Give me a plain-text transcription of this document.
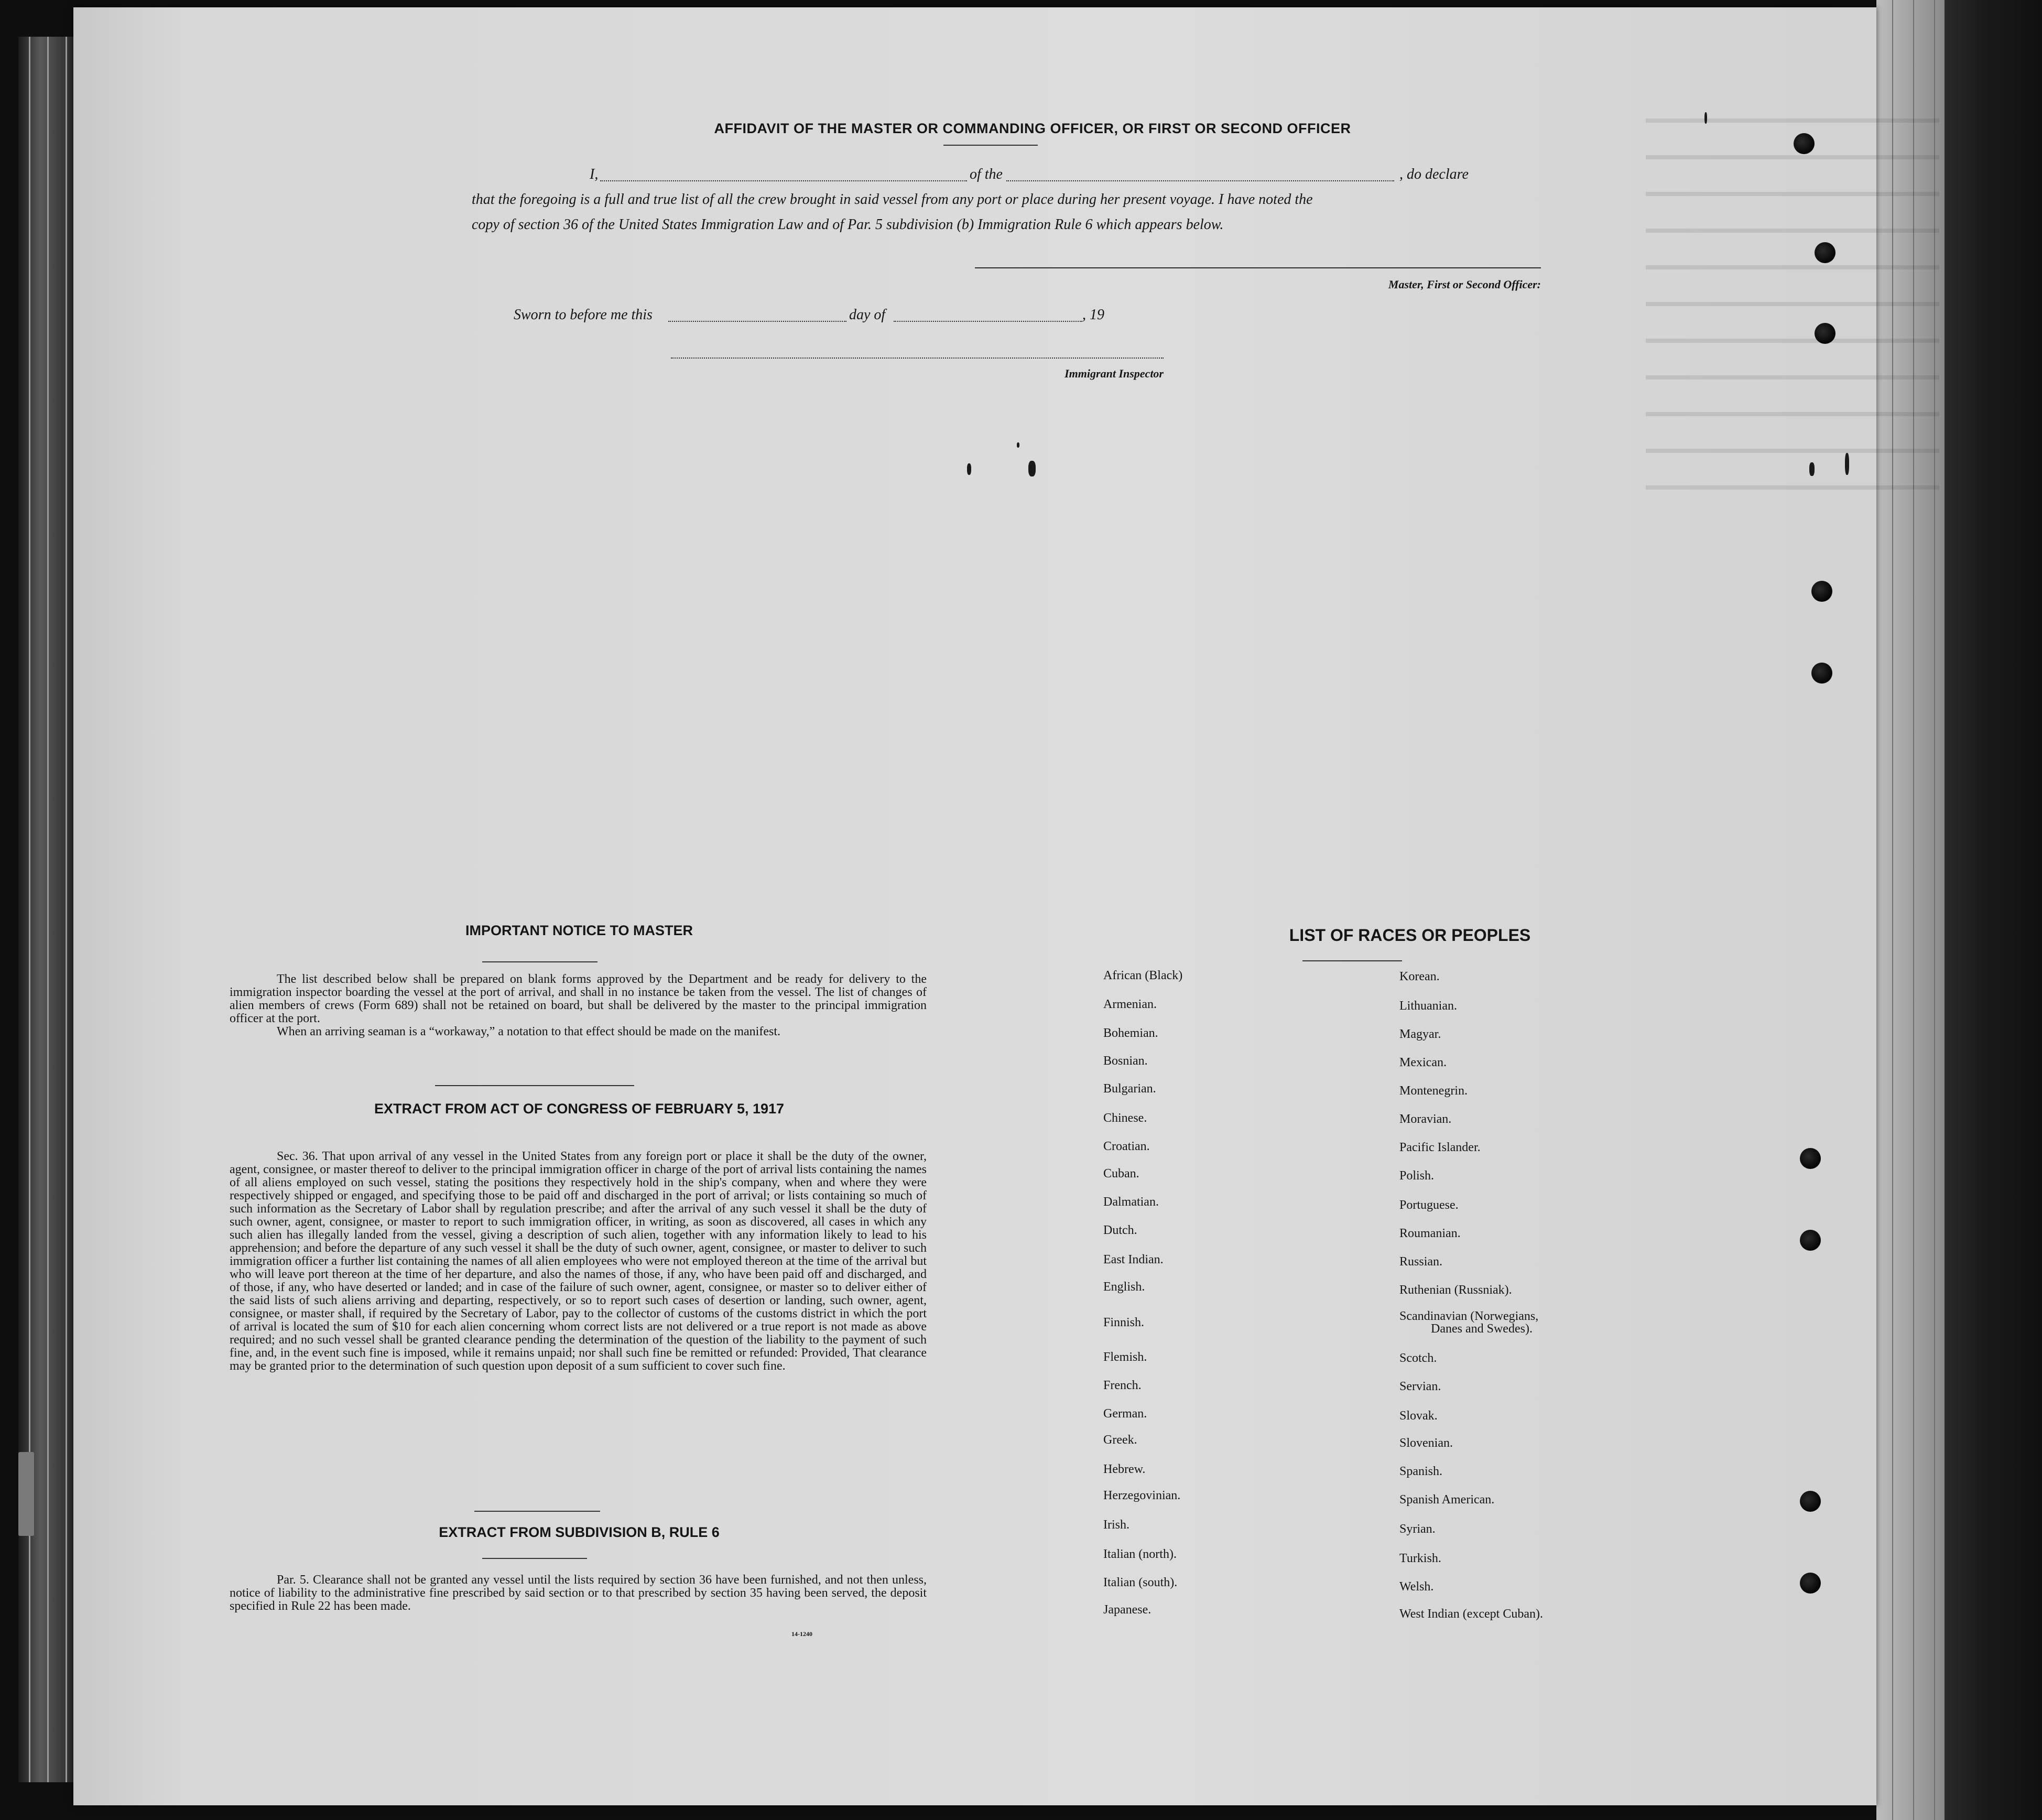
AFFIDAVIT OF THE MASTER OR COMMANDING OFFICER, OR FIRST OR SECOND OFFICER
I,	of the	, do declare
that the foregoing is a full and true list of all the crew brought in said vessel from any port or place during her present voyage. I have noted the
copy of section 36 of the United States Immigration Law and of Par. 5 subdivision (b) Immigration Rule 6 which appears below.
Master, First or Second Officer:
Sworn to before me this	day of	, 19
Immigrant Inspector
IMPORTANT NOTICE TO MASTER

The list described below shall be prepared on blank forms approved by the Department and be ready for delivery to the immigration inspector boarding the vessel at the port of arrival, and shall in no instance be taken from the vessel. The list of changes of alien members of crews (Form 689) shall not be retained on board, but shall be delivered by the master to the principal immigration officer at the port.

When an arriving seaman is a “workaway,” a notation to that effect should be made on the manifest.

EXTRACT FROM ACT OF CONGRESS OF FEBRUARY 5, 1917

Sec. 36. That upon arrival of any vessel in the United States from any foreign port or place it shall be the duty of the owner, agent, consignee, or master thereof to deliver to the principal immigration officer in charge of the port of arrival lists containing the names of all aliens employed on such vessel, stating the positions they respectively hold in the ship's company, when and where they were respectively shipped or engaged, and specifying those to be paid off and discharged in the port of arrival; or lists containing so much of such information as the Secretary of Labor shall by regulation prescribe; and after the arrival of any such vessel it shall be the duty of such owner, agent, consignee, or master to report to such immigration officer, in writing, as soon as discovered, all cases in which any such alien has illegally landed from the vessel, giving a description of such alien, together with any information likely to lead to his apprehension; and before the departure of any such vessel it shall be the duty of such owner, agent, consignee, or master to deliver to such immigration officer a further list containing the names of all alien employees who were not employed thereon at the time of the arrival but who will leave port thereon at the time of her departure, and also the names of those, if any, who have been paid off and discharged, and of those, if any, who have deserted or landed; and in case of the failure of such owner, agent, consignee, or master so to deliver either of the said lists of such aliens arriving and departing, respectively, or so to report such cases of desertion or landing, such owner, agent, consignee, or master shall, if required by the Secretary of Labor, pay to the collector of customs of the customs district in which the port of arrival is located the sum of $10 for each alien concerning whom correct lists are not delivered or a true report is not made as above required; and no such vessel shall be granted clearance pending the determination of the question of the liability to the payment of such fine, and, in the event such fine is imposed, while it remains unpaid; nor shall such fine be remitted or refunded: Provided, That clearance may be granted prior to the determination of such question upon deposit of a sum sufficient to cover such fine.

EXTRACT FROM SUBDIVISION B, RULE 6

Par. 5. Clearance shall not be granted any vessel until the lists required by section 36 have been furnished, and not then unless, notice of liability to the administrative fine prescribed by said section or to that prescribed by section 35 having been served, the deposit specified in Rule 22 has been made.

14-1240
LIST OF RACES OR PEOPLES
African (Black)
Armenian.
Bohemian.
Bosnian.
Bulgarian.
Chinese.
Croatian.
Cuban.
Dalmatian.
Dutch.
East Indian.
English.
Finnish.
Flemish.
French.
German.
Greek.
Hebrew.
Herzegovinian.
Irish.
Italian (north).
Italian (south).
Japanese.
Korean.
Lithuanian.
Magyar.
Mexican.
Montenegrin.
Moravian.
Pacific Islander.
Polish.
Portuguese.
Roumanian.
Russian.
Ruthenian (Russniak).
Scandinavian (Norwegians,
Danes and Swedes).
Scotch.
Servian.
Slovak.
Slovenian.
Spanish.
Spanish American.
Syrian.
Turkish.
Welsh.
West Indian (except Cuban).
